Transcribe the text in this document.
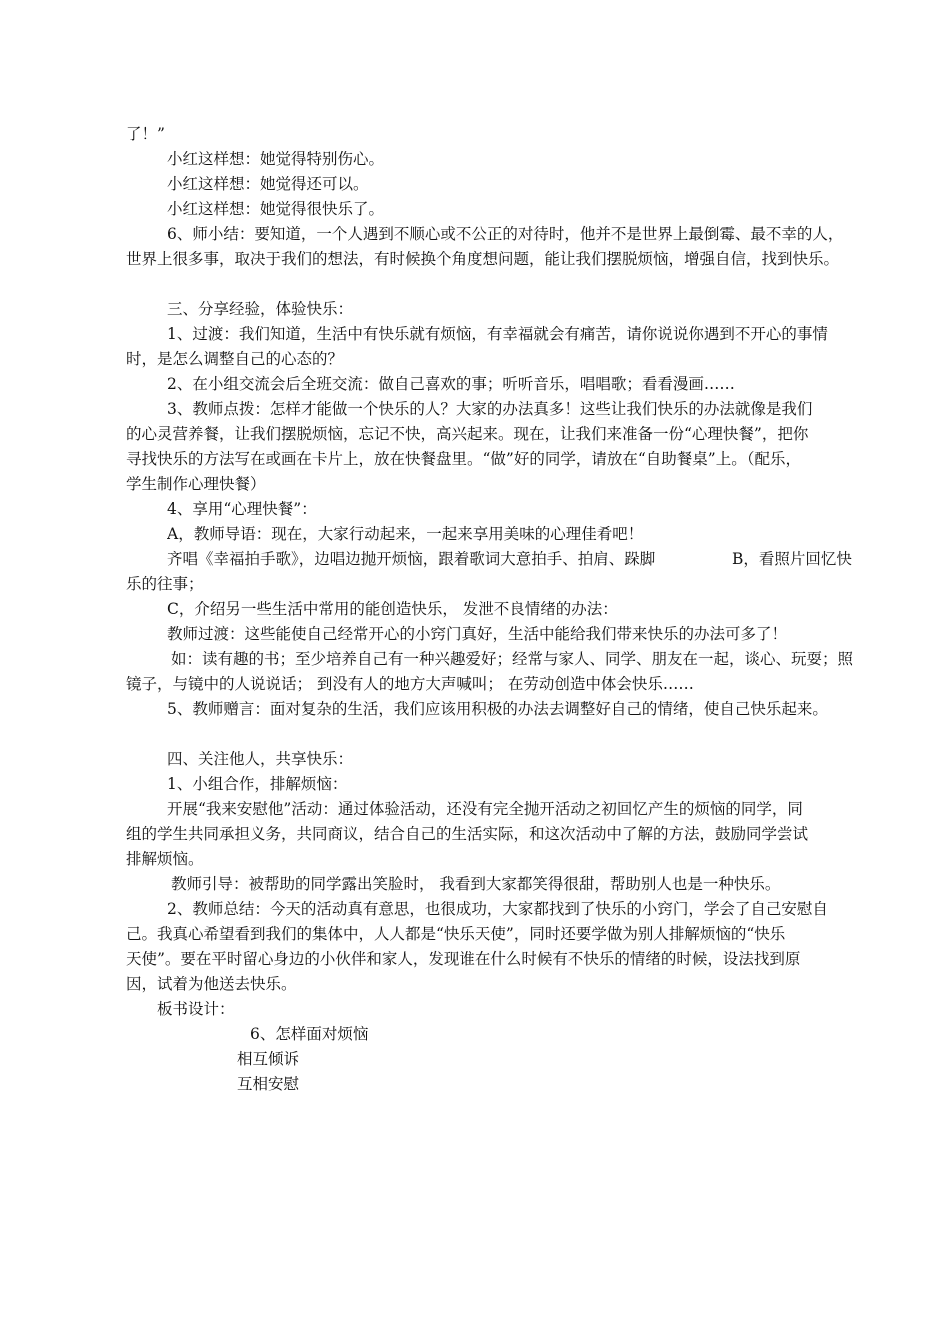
了！”
小红这样想：她觉得特别伤心。
小红这样想：她觉得还可以。
小红这样想：她觉得很快乐了。
6、师小结：要知道，一个人遇到不顺心或不公正的对待时，他并不是世界上最倒霉、最不幸的人，
世界上很多事，取决于我们的想法，有时候换个角度想问题，能让我们摆脱烦恼，增强自信，找到快乐。
三、分享经验，体验快乐：
1、过渡：我们知道，生活中有快乐就有烦恼，有幸福就会有痛苦，请你说说你遇到不开心的事情
时，是怎么调整自己的心态的？
2、在小组交流会后全班交流：做自己喜欢的事；听听音乐，唱唱歌；看看漫画……
3、教师点拨：怎样才能做一个快乐的人？大家的办法真多！这些让我们快乐的办法就像是我们
的心灵营养餐，让我们摆脱烦恼，忘记不快，高兴起来。现在，让我们来准备一份“心理快餐”，把你
寻找快乐的方法写在或画在卡片上，放在快餐盘里。“做”好的同学，请放在“自助餐桌”上。（配乐，
学生制作心理快餐）
4、享用“心理快餐”：
A，教师导语：现在，大家行动起来，一起来享用美味的心理佳肴吧！
齐唱《幸福拍手歌》，边唱边抛开烦恼，跟着歌词大意拍手、拍肩、跺脚	B，看照片回忆快
乐的往事；
C，介绍另一些生活中常用的能创造快乐， 发泄不良情绪的办法：
教师过渡：这些能使自己经常开心的小窍门真好，生活中能给我们带来快乐的办法可多了！
如：读有趣的书；至少培养自己有一种兴趣爱好；经常与家人、同学、朋友在一起，谈心、玩耍；照
镜子，与镜中的人说说话； 到没有人的地方大声喊叫； 在劳动创造中体会快乐……
5、教师赠言：面对复杂的生活，我们应该用积极的办法去调整好自己的情绪，使自己快乐起来。
四、关注他人，共享快乐：
1、小组合作，排解烦恼：
开展“我来安慰他”活动：通过体验活动，还没有完全抛开活动之初回忆产生的烦恼的同学，同
组的学生共同承担义务，共同商议，结合自己的生活实际，和这次活动中了解的方法，鼓励同学尝试
排解烦恼。
教师引导：被帮助的同学露出笑脸时， 我看到大家都笑得很甜，帮助别人也是一种快乐。
2、教师总结：今天的活动真有意思，也很成功，大家都找到了快乐的小窍门，学会了自己安慰自
己。我真心希望看到我们的集体中，人人都是“快乐天使”，同时还要学做为别人排解烦恼的“快乐
天使”。要在平时留心身边的小伙伴和家人，发现谁在什么时候有不快乐的情绪的时候，设法找到原
因，试着为他送去快乐。
板书设计：
6、怎样面对烦恼
相互倾诉
互相安慰
